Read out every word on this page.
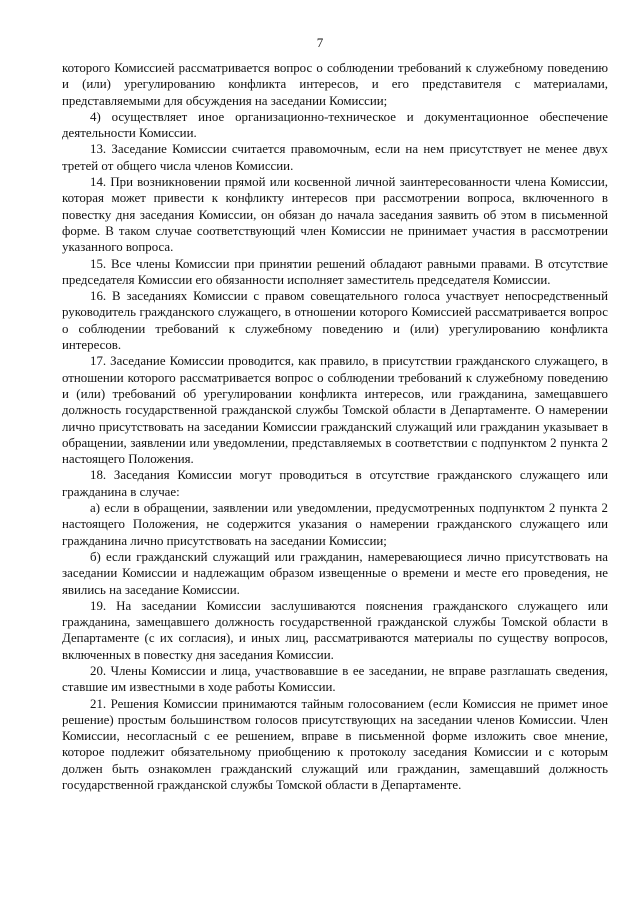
7

которого Комиссией рассматривается вопрос о соблюдении требований к служебному поведению и (или) урегулированию конфликта интересов, и его представителя с материалами, представляемыми для обсуждения на заседании Комиссии;

4) осуществляет иное организационно-техническое и документационное обеспечение деятельности Комиссии.

13. Заседание Комиссии считается правомочным, если на нем присутствует не менее двух третей от общего числа членов Комиссии.

14. При возникновении прямой или косвенной личной заинтересованности члена Комиссии, которая может привести к конфликту интересов при рассмотрении вопроса, включенного в повестку дня заседания Комиссии, он обязан до начала заседания заявить об этом в письменной форме. В таком случае соответствующий член Комиссии не принимает участия в рассмотрении указанного вопроса.

15. Все члены Комиссии при принятии решений обладают равными правами. В отсутствие председателя Комиссии его обязанности исполняет заместитель председателя Комиссии.

16. В заседаниях Комиссии с правом совещательного голоса участвует непосредственный руководитель гражданского служащего, в отношении которого Комиссией рассматривается вопрос о соблюдении требований к служебному поведению и (или) урегулированию конфликта интересов.

17. Заседание Комиссии проводится, как правило, в присутствии гражданского служащего, в отношении которого рассматривается вопрос о соблюдении требований к служебному поведению и (или) требований об урегулировании конфликта интересов, или гражданина, замещавшего должность государственной гражданской службы Томской области в Департаменте. О намерении лично присутствовать на заседании Комиссии гражданский служащий или гражданин указывает в обращении, заявлении или уведомлении, представляемых в соответствии с подпунктом 2 пункта 2 настоящего Положения.

18. Заседания Комиссии могут проводиться в отсутствие гражданского служащего или гражданина в случае:

а) если в обращении, заявлении или уведомлении, предусмотренных подпунктом 2 пункта 2 настоящего Положения, не содержится указания о намерении гражданского служащего или гражданина лично присутствовать на заседании Комиссии;

б) если гражданский служащий или гражданин, намеревающиеся лично присутствовать на заседании Комиссии и надлежащим образом извещенные о времени и месте его проведения, не явились на заседание Комиссии.

19. На заседании Комиссии заслушиваются пояснения гражданского служащего или гражданина, замещавшего должность государственной гражданской службы Томской области в Департаменте (с их согласия), и иных лиц, рассматриваются материалы по существу вопросов, включенных в повестку дня заседания Комиссии.

20. Члены Комиссии и лица, участвовавшие в ее заседании, не вправе разглашать сведения, ставшие им известными в ходе работы Комиссии.

21. Решения Комиссии принимаются тайным голосованием (если Комиссия не примет иное решение) простым большинством голосов присутствующих на заседании членов Комиссии. Член Комиссии, несогласный с ее решением, вправе в письменной форме изложить свое мнение, которое подлежит обязательному приобщению к протоколу заседания Комиссии и с которым должен быть ознакомлен гражданский служащий или гражданин, замещавший должность государственной гражданской службы Томской области в Департаменте.
